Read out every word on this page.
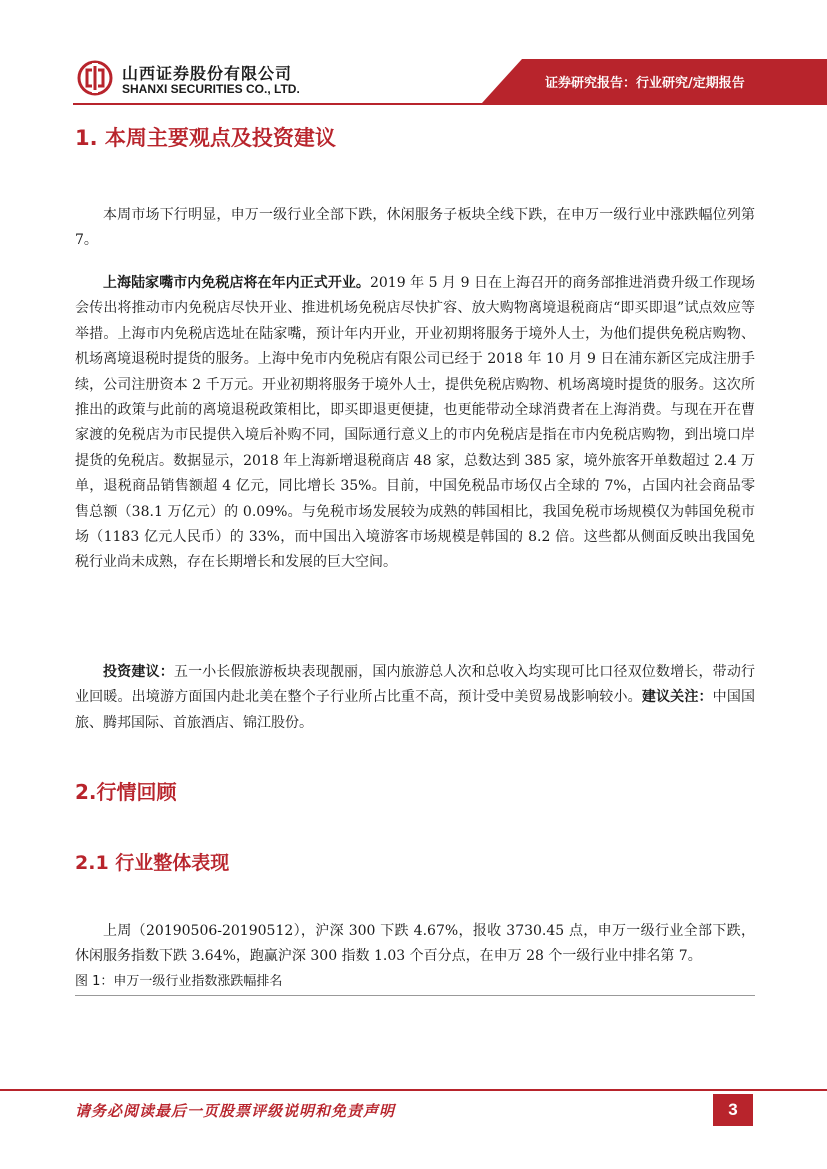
山西证券股份有限公司
SHANXI SECURITIES CO., LTD.	证券研究报告：行业研究/定期报告
1. 本周主要观点及投资建议

本周市场下行明显，申万一级行业全部下跌，休闲服务子板块全线下跌，在申万一级行业中涨跌幅位列第 7。

上海陆家嘴市内免税店将在年内正式开业。2019 年 5 月 9 日在上海召开的商务部推进消费升级工作现场会传出将推动市内免税店尽快开业、推进机场免税店尽快扩容、放大购物离境退税商店“即买即退”试点效应等举措。上海市内免税店选址在陆家嘴，预计年内开业，开业初期将服务于境外人士，为他们提供免税店购物、机场离境退税时提货的服务。上海中免市内免税店有限公司已经于 2018 年 10 月 9 日在浦东新区完成注册手续，公司注册资本 2 千万元。开业初期将服务于境外人士，提供免税店购物、机场离境时提货的服务。这次所推出的政策与此前的离境退税政策相比，即买即退更便捷，也更能带动全球消费者在上海消费。与现在开在曹家渡的免税店为市民提供入境后补购不同，国际通行意义上的市内免税店是指在市内免税店购物，到出境口岸提货的免税店。数据显示，2018 年上海新增退税商店 48 家，总数达到 385 家，境外旅客开单数超过 2.4 万单，退税商品销售额超 4 亿元，同比增长 35%。目前，中国免税品市场仅占全球的 7%，占国内社会商品零售总额（38.1 万亿元）的 0.09%。与免税市场发展较为成熟的韩国相比，我国免税市场规模仅为韩国免税市场（1183 亿元人民币）的 33%，而中国出入境游客市场规模是韩国的 8.2 倍。这些都从侧面反映出我国免税行业尚未成熟，存在长期增长和发展的巨大空间。

投资建议：五一小长假旅游板块表现靓丽，国内旅游总人次和总收入均实现可比口径双位数增长，带动行业回暖。出境游方面国内赴北美在整个子行业所占比重不高，预计受中美贸易战影响较小。建议关注：中国国旅、腾邦国际、首旅酒店、锦江股份。

2.行情回顾
2.1 行业整体表现

上周（20190506-20190512），沪深 300 下跌 4.67%，报收 3730.45 点，申万一级行业全部下跌，休闲服务指数下跌 3.64%，跑赢沪深 300 指数 1.03 个百分点，在申万 28 个一级行业中排名第 7。

图 1：申万一级行业指数涨跌幅排名
请务必阅读最后一页股票评级说明和免责声明	3
